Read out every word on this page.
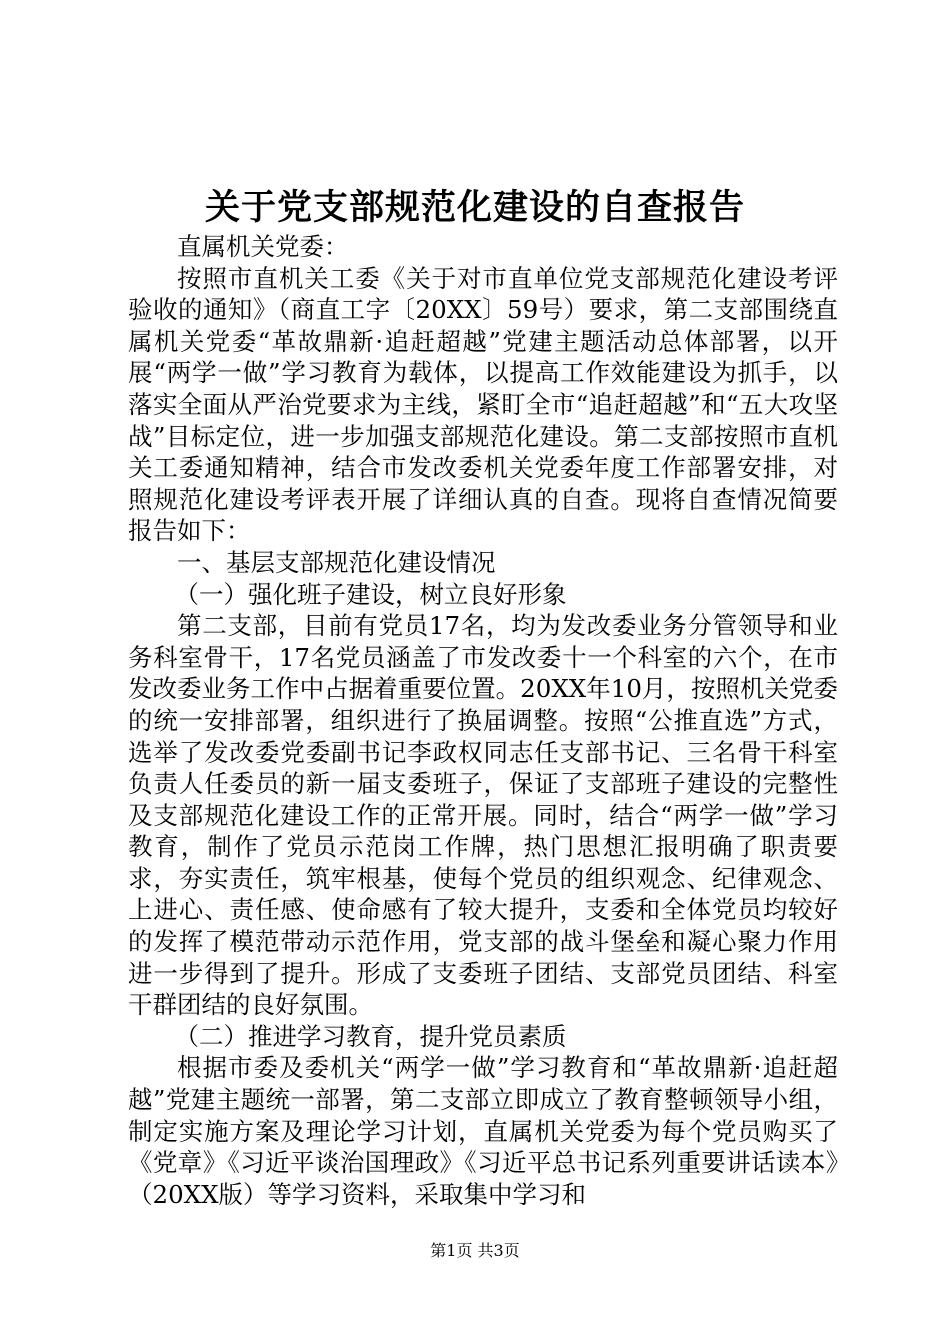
关于党支部规范化建设的自查报告

直属机关党委：

按照市直机关工委《关于对市直单位党支部规范化建设考评验收的通知》（商直工字〔20XX〕59号）要求，第二支部围绕直属机关党委“革故鼎新·追赶超越”党建主题活动总体部署，以开展“两学一做”学习教育为载体，以提高工作效能建设为抓手，以落实全面从严治党要求为主线，紧盯全市“追赶超越”和“五大攻坚战”目标定位，进一步加强支部规范化建设。第二支部按照市直机关工委通知精神，结合市发改委机关党委年度工作部署安排，对照规范化建设考评表开展了详细认真的自查。现将自查情况简要报告如下：

一、基层支部规范化建设情况

（一）强化班子建设，树立良好形象

第二支部，目前有党员17名，均为发改委业务分管领导和业务科室骨干，17名党员涵盖了市发改委十一个科室的六个，在市发改委业务工作中占据着重要位置。20XX年10月，按照机关党委的统一安排部署，组织进行了换届调整。按照“公推直选”方式，选举了发改委党委副书记李政权同志任支部书记、三名骨干科室负责人任委员的新一届支委班子，保证了支部班子建设的完整性及支部规范化建设工作的正常开展。同时，结合“两学一做”学习教育，制作了党员示范岗工作牌，热门思想汇报明确了职责要求，夯实责任，筑牢根基，使每个党员的组织观念、纪律观念、上进心、责任感、使命感有了较大提升，支委和全体党员均较好的发挥了模范带动示范作用，党支部的战斗堡垒和凝心聚力作用进一步得到了提升。形成了支委班子团结、支部党员团结、科室干群团结的良好氛围。

（二）推进学习教育，提升党员素质

根据市委及委机关“两学一做”学习教育和“革故鼎新·追赶超越”党建主题统一部署，第二支部立即成立了教育整顿领导小组，制定实施方案及理论学习计划，直属机关党委为每个党员购买了《党章》《习近平谈治国理政》《习近平总书记系列重要讲话读本》（20XX版）等学习资料，采取集中学习和

第1页 共3页
